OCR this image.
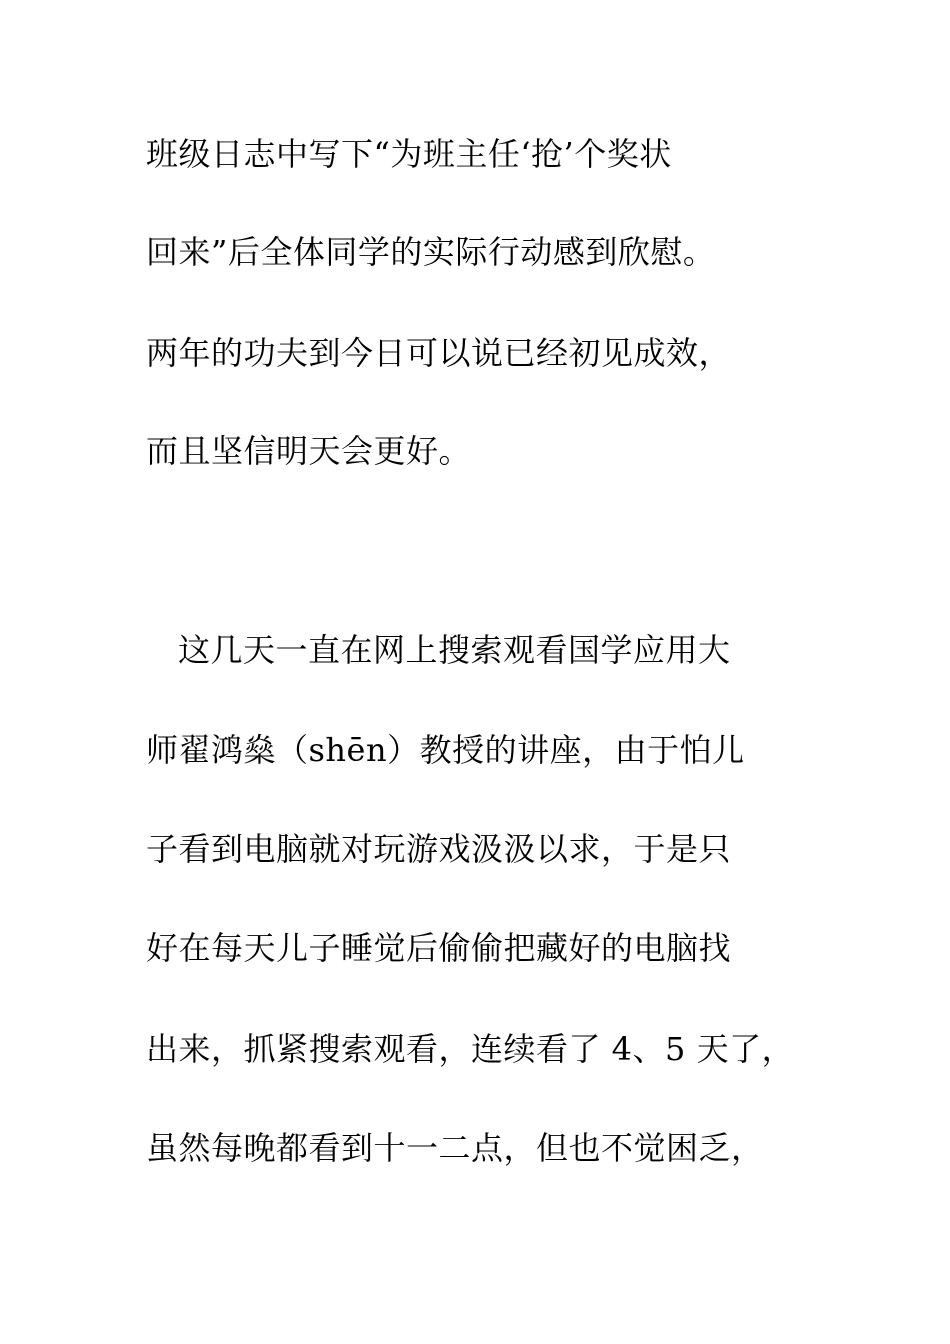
班级日志中写下“为班主任‘抢’个奖状
回来”后全体同学的实际行动感到欣慰。
两年的功夫到今日可以说已经初见成效，
而且坚信明天会更好。
这几天一直在网上搜索观看国学应用大
师翟鸿燊（shēn）教授的讲座，由于怕儿
子看到电脑就对玩游戏汲汲以求，于是只
好在每天儿子睡觉后偷偷把藏好的电脑找
出来，抓紧搜索观看，连续看了 4、5 天了，
虽然每晚都看到十一二点，但也不觉困乏，
